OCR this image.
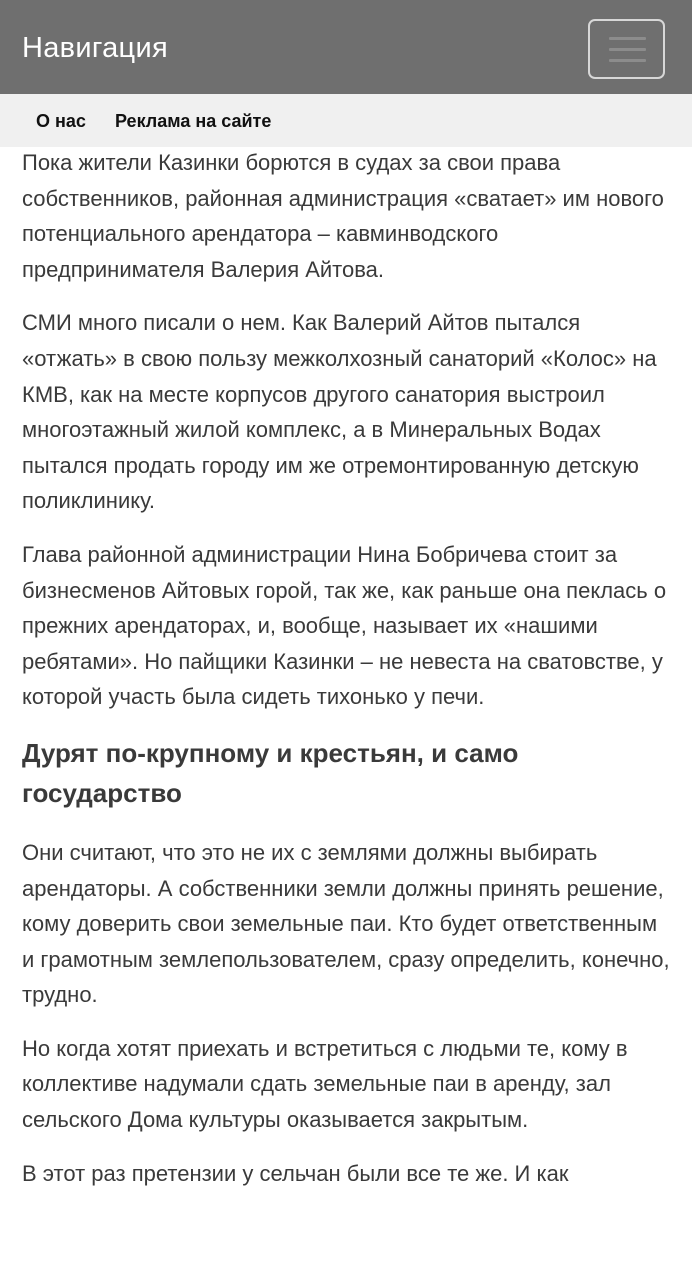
Навигация
О нас Реклама на сайте

Пока жители Казинки борются в судах за свои права собственников, районная администрация «сватает» им нового потенциального арендатора – кавминводского предпринимателя Валерия Айтова.

СМИ много писали о нем. Как Валерий Айтов пытался «отжать» в свою пользу межколхозный санаторий «Колос» на КМВ, как на месте корпусов другого санатория выстроил многоэтажный жилой комплекс, а в Минеральных Водах пытался продать городу им же отремонтированную детскую поликлинику.

Глава районной администрации Нина Бобричева стоит за бизнесменов Айтовых горой, так же, как раньше она пеклась о прежних арендаторах, и, вообще, называет их «нашими ребятами». Но пайщики Казинки – не невеста на сватовстве, у которой участь была сидеть тихонько у печи.

Дурят по-крупному и крестьян, и само государство

Они считают, что это не их с землями должны выбирать арендаторы. А собственники земли должны принять решение, кому доверить свои земельные паи. Кто будет ответственным и грамотным землепользователем, сразу определить, конечно, трудно.

Но когда хотят приехать и встретиться с людьми те, кому в коллективе надумали сдать земельные паи в аренду, зал сельского Дома культуры оказывается закрытым.

В этот раз претензии у сельчан были все те же. И как
